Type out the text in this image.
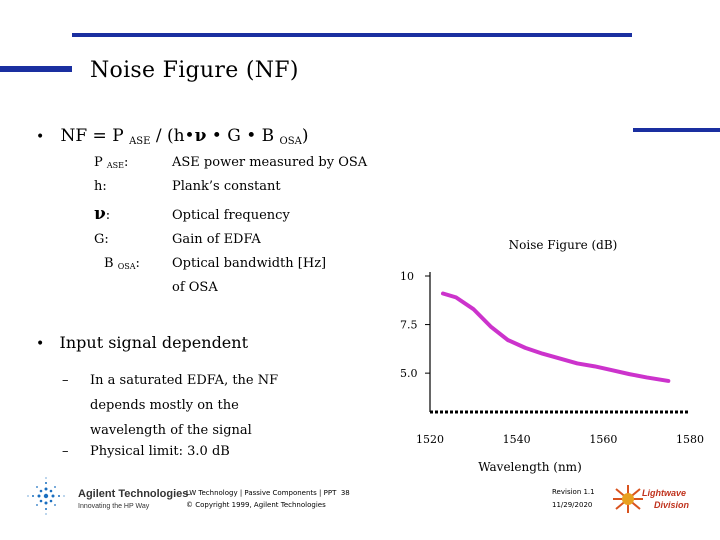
Noise Figure (NF)
• NF = P $_{ASE}$ / (h•ν • G • B $_{OSA}$)
P $_{ASE}$:	ASE power measured by OSA
h:	Plank’s constant
ν:	Optical frequency
G:	Gain of EDFA
B $_{OSA}$: Optical bandwidth [Hz]
of OSA
• Input signal dependent
– In a saturated EDFA, the NF
depends mostly on the
wavelength of the signal
– Physical limit: 3.0 dB
Noise Figure (dB)
10
7.5
5.0
1520	1540	1560	1580
Wavelength (nm)
Agilent Technologies
Innovating the HP Way
LW Technology | Passive Components | PPT 38
© Copyright 1999, Agilent Technologies
Revision 1.1
11/29/2020
Lightwave
Division
